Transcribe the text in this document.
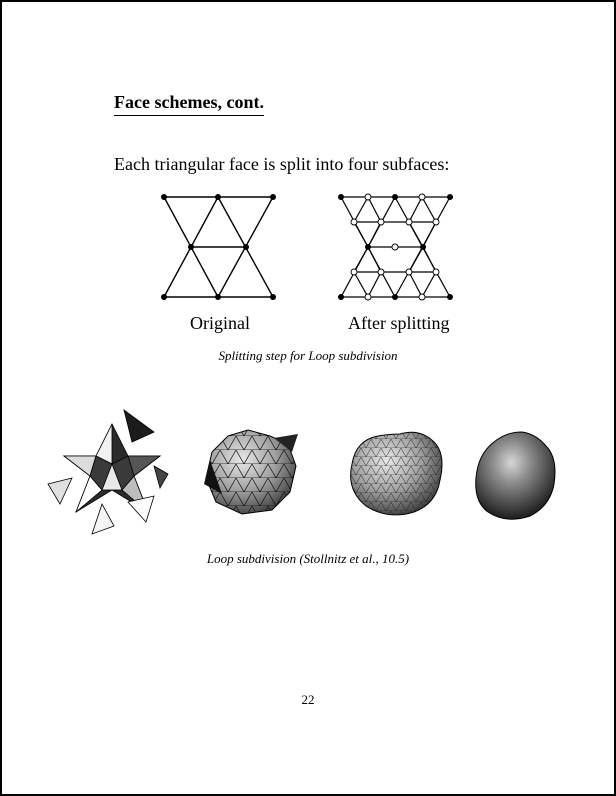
Face schemes, cont.
Each triangular face is split into four subfaces:
Original	After splitting
Splitting step for Loop subdivision
Loop subdivision (Stollnitz et al., 10.5)
22
